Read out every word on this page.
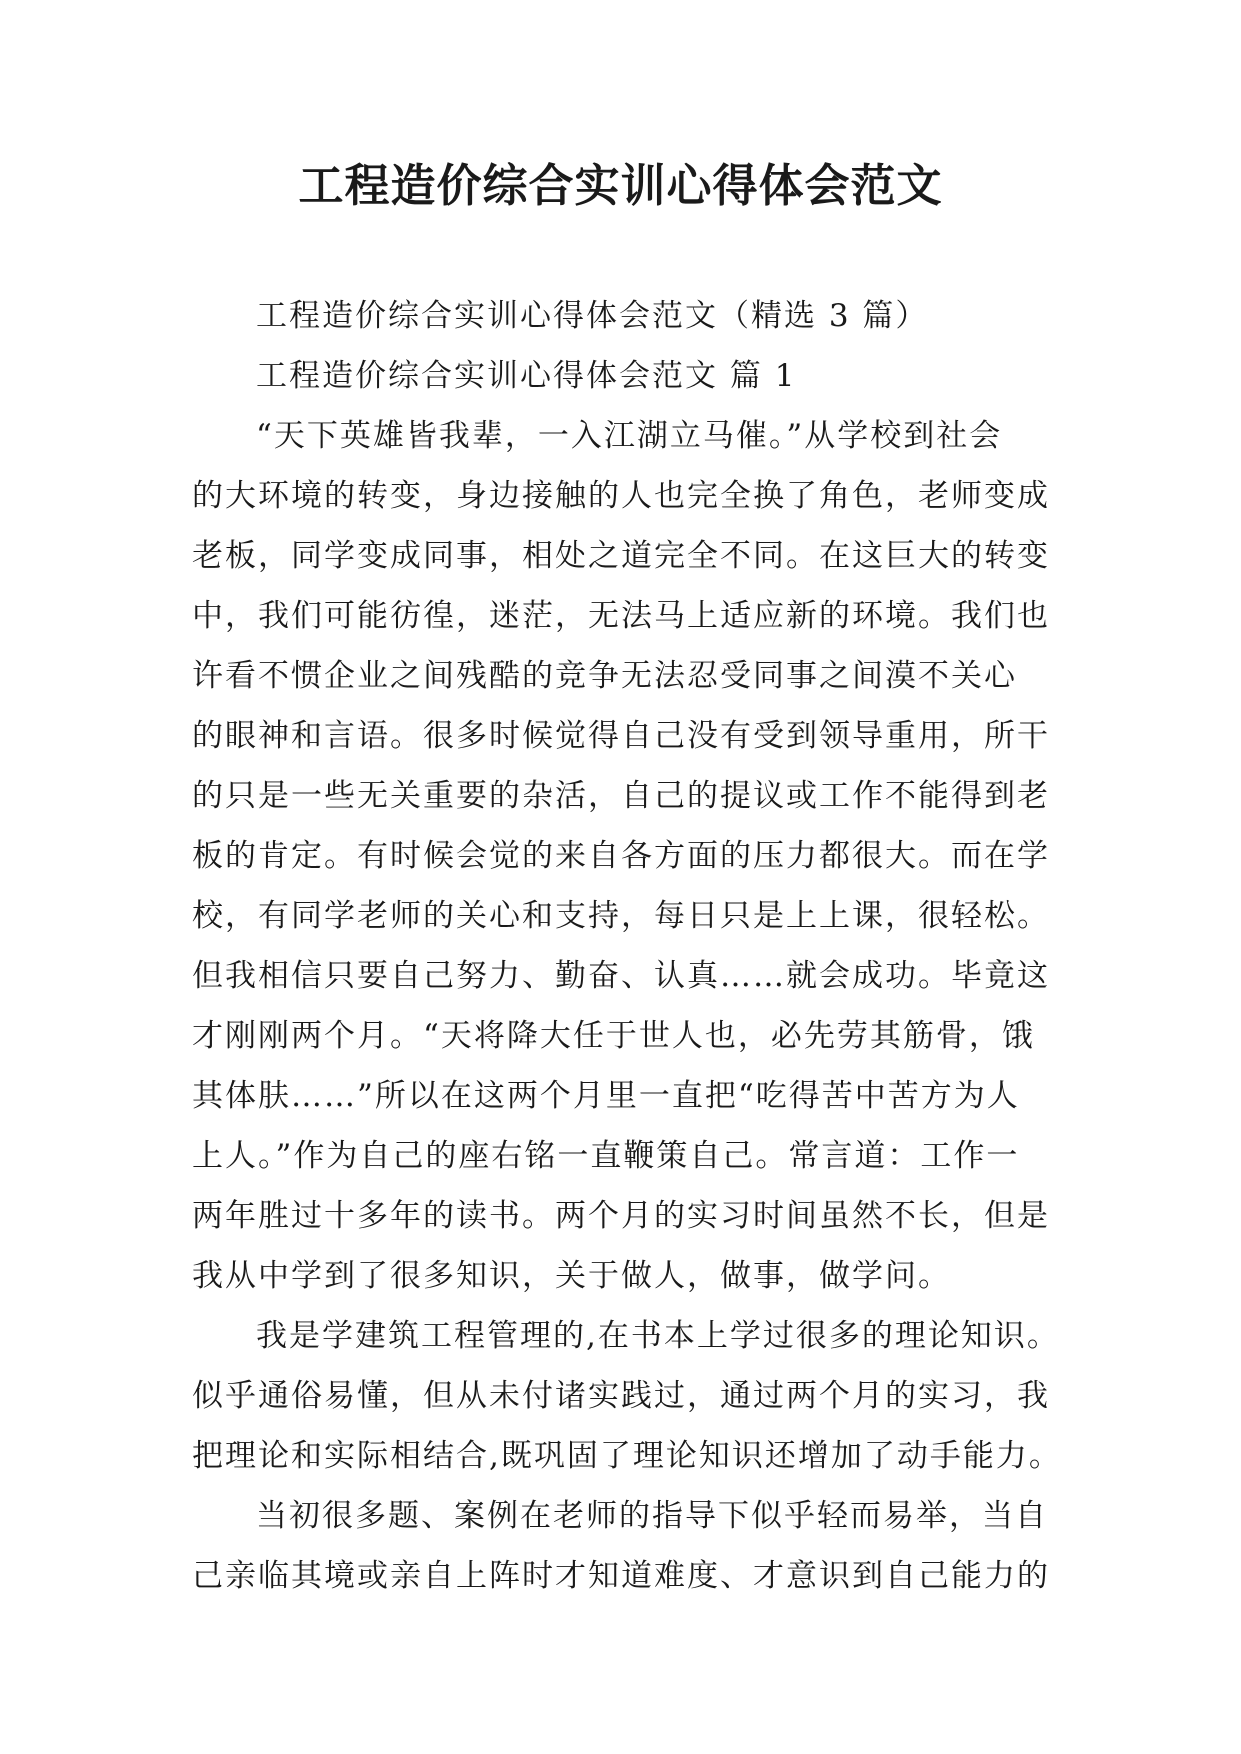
工程造价综合实训心得体会范文
工程造价综合实训心得体会范文（精选 3 篇）
工程造价综合实训心得体会范文 篇 1
“天下英雄皆我辈，一入江湖立马催。”从学校到社会
的大环境的转变，身边接触的人也完全换了角色，老师变成
老板，同学变成同事，相处之道完全不同。在这巨大的转变
中，我们可能彷徨，迷茫，无法马上适应新的环境。我们也
许看不惯企业之间残酷的竞争无法忍受同事之间漠不关心
的眼神和言语。很多时候觉得自己没有受到领导重用，所干
的只是一些无关重要的杂活，自己的提议或工作不能得到老
板的肯定。有时候会觉的来自各方面的压力都很大。而在学
校，有同学老师的关心和支持，每日只是上上课，很轻松。
但我相信只要自己努力、勤奋、认真……就会成功。毕竟这
才刚刚两个月。“天将降大任于世人也，必先劳其筋骨，饿
其体肤……”所以在这两个月里一直把“吃得苦中苦方为人
上人。”作为自己的座右铭一直鞭策自己。常言道：工作一
两年胜过十多年的读书。两个月的实习时间虽然不长，但是
我从中学到了很多知识，关于做人，做事，做学问。
我是学建筑工程管理的,在书本上学过很多的理论知识。
似乎通俗易懂，但从未付诸实践过，通过两个月的实习，我
把理论和实际相结合,既巩固了理论知识还增加了动手能力。
当初很多题、案例在老师的指导下似乎轻而易举，当自
己亲临其境或亲自上阵时才知道难度、才意识到自己能力的
